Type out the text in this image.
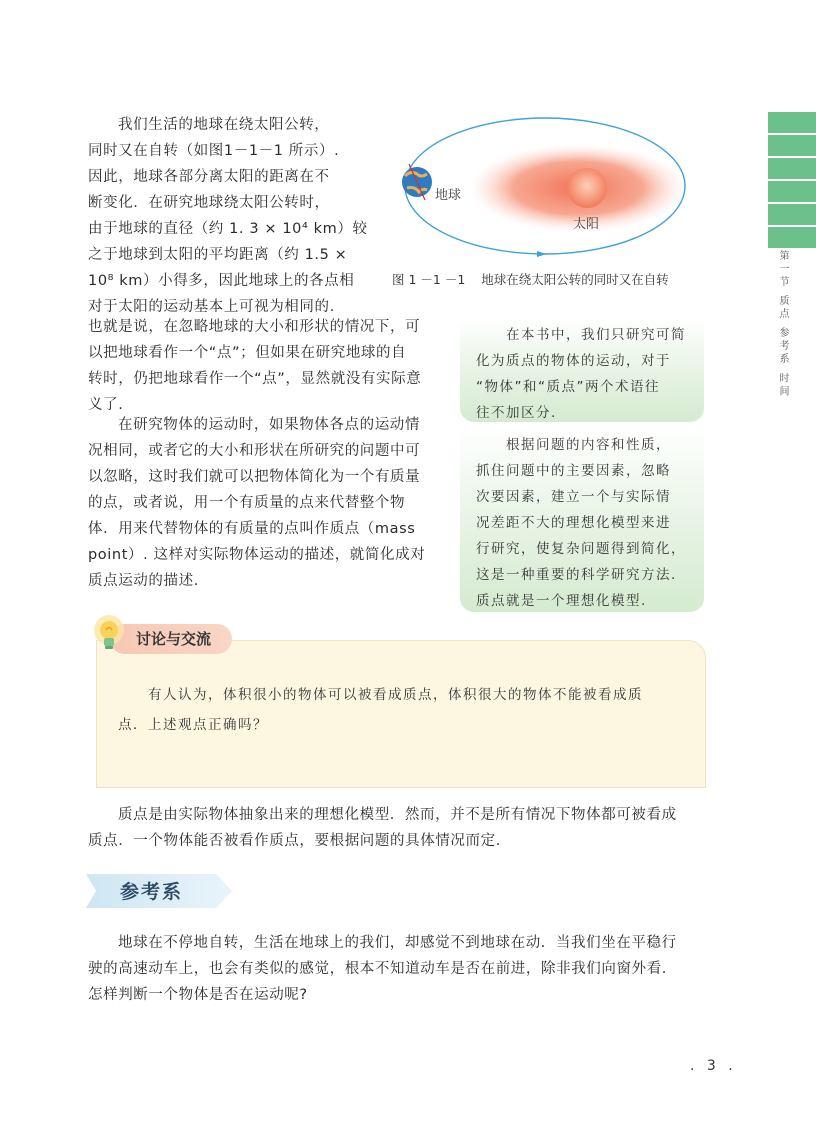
第一节 质点 参考系 时间
我们生活的地球在绕太阳公转，
同时又在自转（如图1－1－1 所示）.
因此，地球各部分离太阳的距离在不
断变化．在研究地球绕太阳公转时，
由于地球的直径（约 1. 3 × 10⁴ km）较
之于地球到太阳的平均距离（约 1.5 ×
10⁸ km）小得多，因此地球上的各点相
对于太阳的运动基本上可视为相同的.
地球
太阳
图 1 －1 －1 地球在绕太阳公转的同时又在自转
也就是说，在忽略地球的大小和形状的情况下，可
以把地球看作一个“点”；但如果在研究地球的自
转时，仍把地球看作一个“点”，显然就没有实际意
义了.
在研究物体的运动时，如果物体各点的运动情
况相同，或者它的大小和形状在所研究的问题中可
以忽略，这时我们就可以把物体简化为一个有质量
的点，或者说，用一个有质量的点来代替整个物
体．用来代替物体的有质量的点叫作质点（mass
point）. 这样对实际物体运动的描述，就简化成对
质点运动的描述.
在本书中，我们只研究可简
化为质点的物体的运动，对于
“物体”和“质点”两个术语往
往不加区分.
根据问题的内容和性质，
抓住问题中的主要因素，忽略
次要因素，建立一个与实际情
况差距不大的理想化模型来进
行研究，使复杂问题得到简化，
这是一种重要的科学研究方法.
质点就是一个理想化模型.
讨论与交流
有人认为，体积很小的物体可以被看成质点，体积很大的物体不能被看成质
点．上述观点正确吗？
质点是由实际物体抽象出来的理想化模型．然而，并不是所有情况下物体都可被看成
质点．一个物体能否被看作质点，要根据问题的具体情况而定.
参考系
地球在不停地自转，生活在地球上的我们，却感觉不到地球在动．当我们坐在平稳行
驶的高速动车上，也会有类似的感觉，根本不知道动车是否在前进，除非我们向窗外看.
怎样判断一个物体是否在运动呢?
. 3 .
